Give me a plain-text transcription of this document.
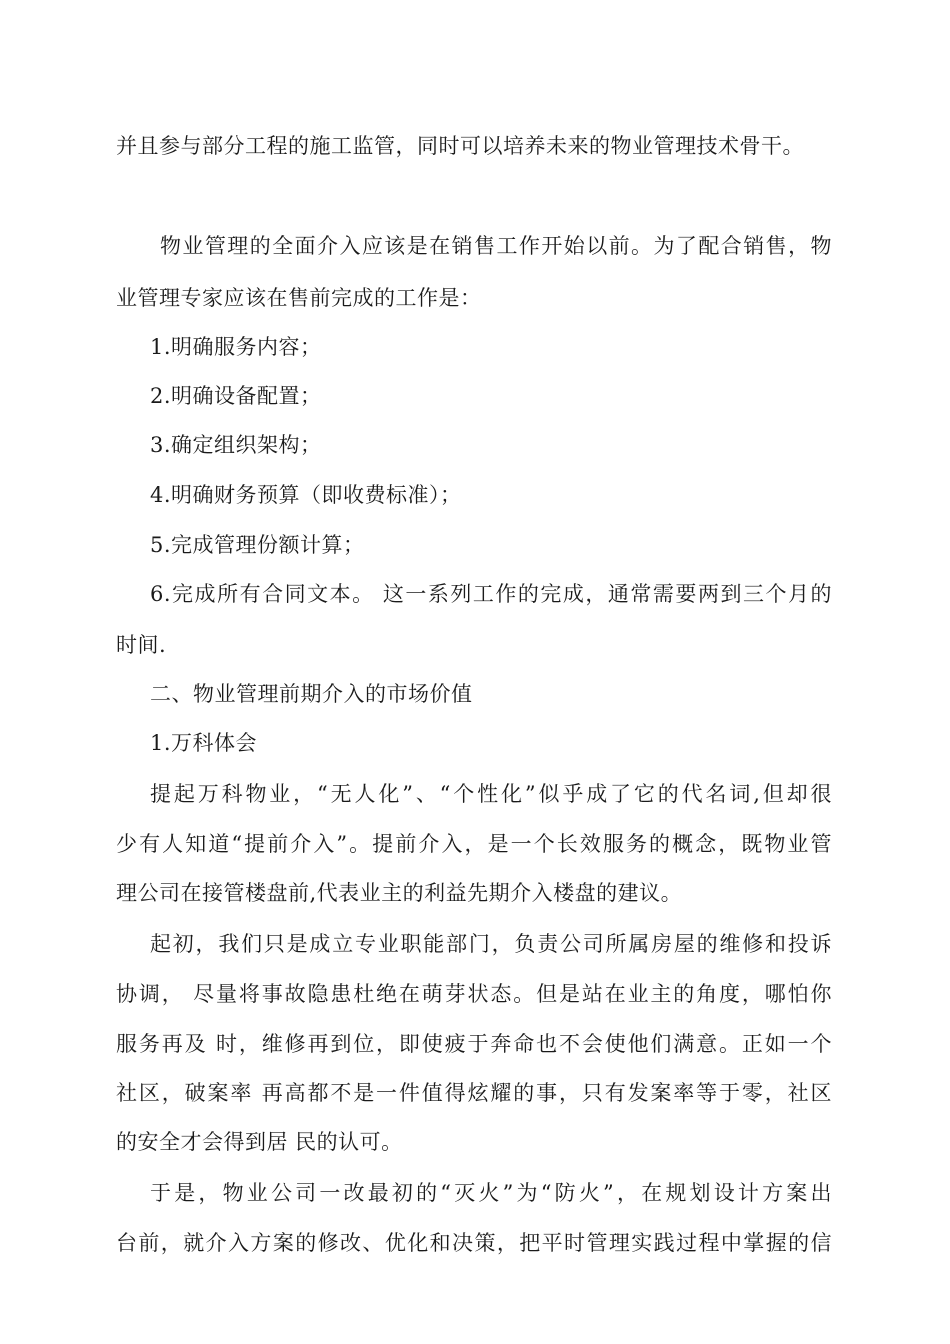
并且参与部分工程的施工监管，同时可以培养未来的物业管理技术骨干。
物业管理的全面介入应该是在销售工作开始以前。为了配合销售，物
业管理专家应该在售前完成的工作是：
1.明确服务内容；
2.明确设备配置；
3.确定组织架构；
4.明确财务预算（即收费标准）；
5.完成管理份额计算；
6.完成所有合同文本。 这一系列工作的完成，通常需要两到三个月的
时间.
二、物业管理前期介入的市场价值
1.万科体会
提起万科物业，“无人化”、“个性化”似乎成了它的代名词,但却很
少有人知道“提前介入”。提前介入，是一个长效服务的概念，既物业管
理公司在接管楼盘前,代表业主的利益先期介入楼盘的建议。
起初，我们只是成立专业职能部门，负责公司所属房屋的维修和投诉
协调， 尽量将事故隐患杜绝在萌芽状态。但是站在业主的角度，哪怕你
服务再及 时，维修再到位，即使疲于奔命也不会使他们满意。正如一个
社区，破案率 再高都不是一件值得炫耀的事，只有发案率等于零，社区
的安全才会得到居 民的认可。
于是，物业公司一改最初的“灭火”为“防火”，在规划设计方案出
台前，就介入方案的修改、优化和决策，把平时管理实践过程中掌握的信
